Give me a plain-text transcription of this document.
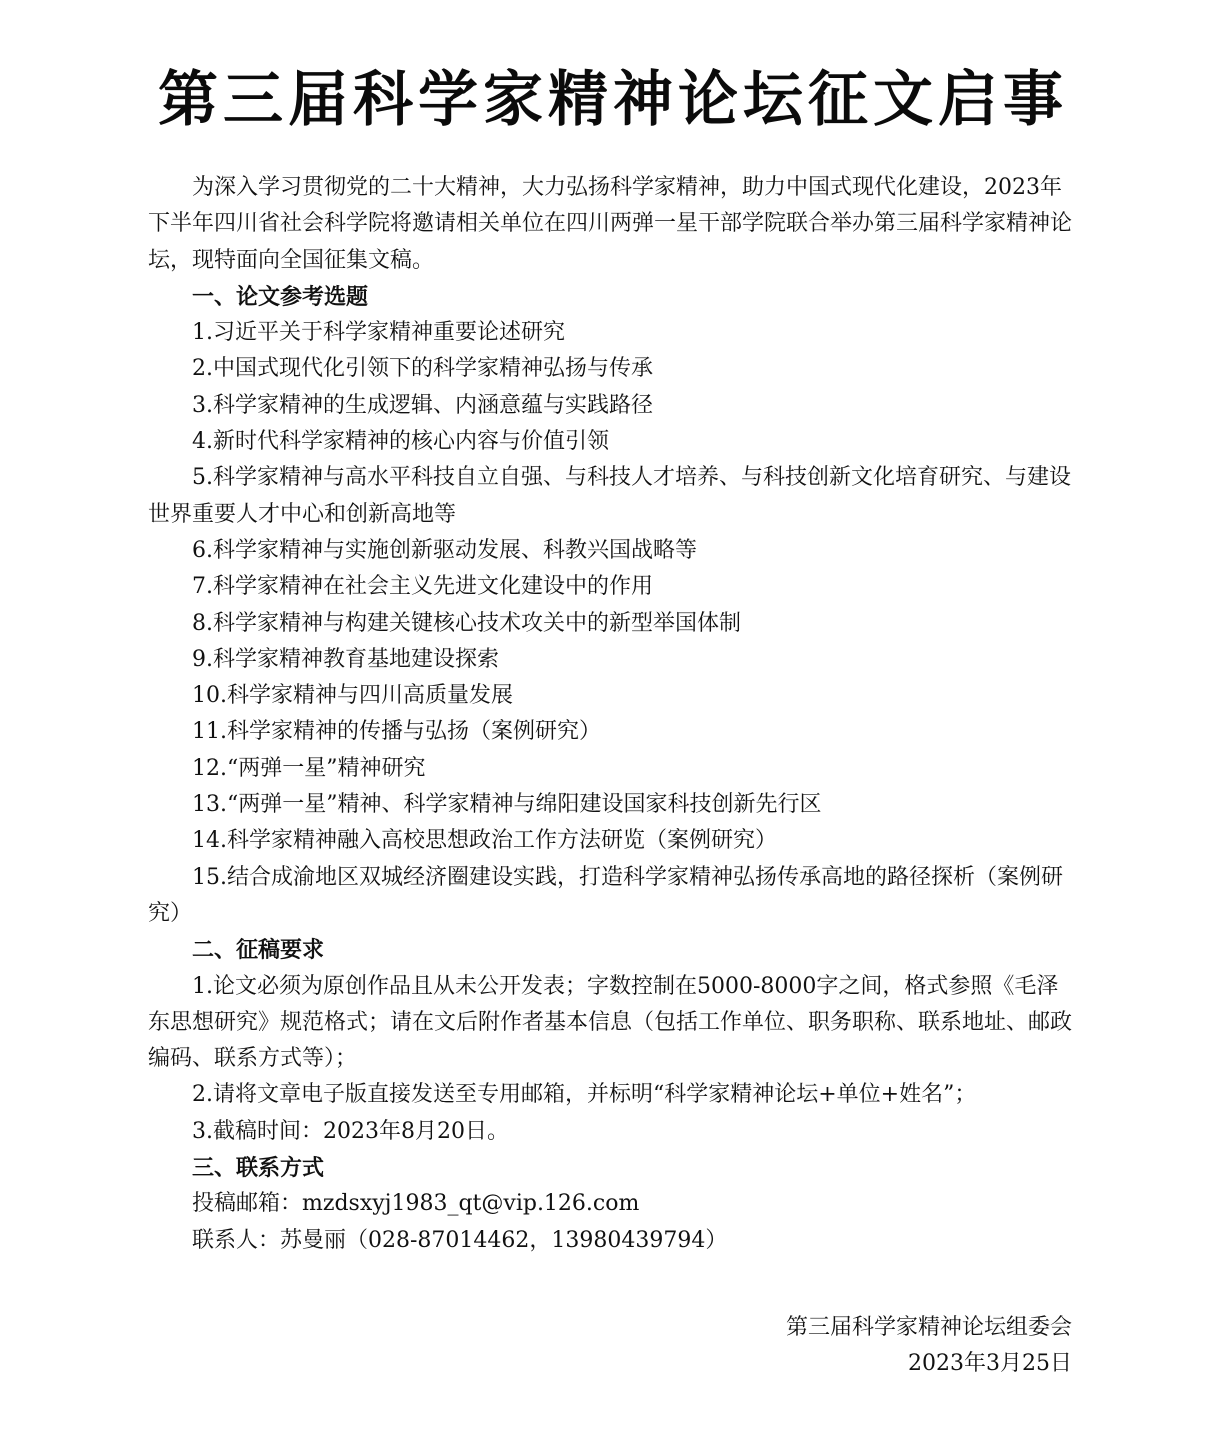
第三届科学家精神论坛征文启事

为深入学习贯彻党的二十大精神，大力弘扬科学家精神，助力中国式现代化建设，2023年下半年四川省社会科学院将邀请相关单位在四川两弹一星干部学院联合举办第三届科学家精神论坛，现特面向全国征集文稿。

一、论文参考选题

1.习近平关于科学家精神重要论述研究

2.中国式现代化引领下的科学家精神弘扬与传承

3.科学家精神的生成逻辑、内涵意蕴与实践路径

4.新时代科学家精神的核心内容与价值引领

5.科学家精神与高水平科技自立自强、与科技人才培养、与科技创新文化培育研究、与建设世界重要人才中心和创新高地等

6.科学家精神与实施创新驱动发展、科教兴国战略等

7.科学家精神在社会主义先进文化建设中的作用

8.科学家精神与构建关键核心技术攻关中的新型举国体制

9.科学家精神教育基地建设探索

10.科学家精神与四川高质量发展

11.科学家精神的传播与弘扬（案例研究）

12.“两弹一星”精神研究

13.“两弹一星”精神、科学家精神与绵阳建设国家科技创新先行区

14.科学家精神融入高校思想政治工作方法研览（案例研究）

15.结合成渝地区双城经济圈建设实践，打造科学家精神弘扬传承高地的路径探析（案例研究）

二、征稿要求

1.论文必须为原创作品且从未公开发表；字数控制在5000-8000字之间，格式参照《毛泽东思想研究》规范格式；请在文后附作者基本信息（包括工作单位、职务职称、联系地址、邮政编码、联系方式等）；

2.请将文章电子版直接发送至专用邮箱，并标明“科学家精神论坛+单位+姓名”；

3.截稿时间：2023年8月20日。

三、联系方式

投稿邮箱：mzdsxyj1983_qt@vip.126.com

联系人：苏曼丽（028-87014462，13980439794）

第三届科学家精神论坛组委会
2023年3月25日
